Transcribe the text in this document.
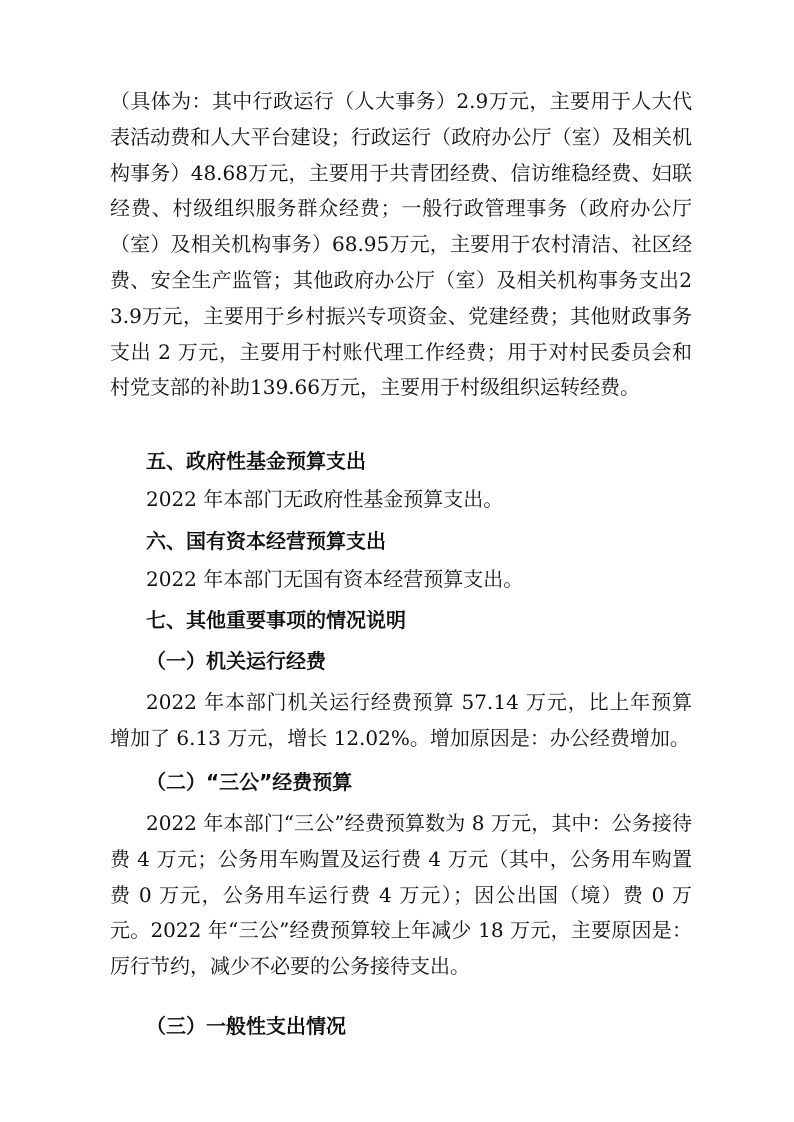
（具体为：其中行政运行（人大事务）2.9万元，主要用于人大代表活动费和人大平台建设；行政运行（政府办公厅（室）及相关机构事务）48.68万元，主要用于共青团经费、信访维稳经费、妇联经费、村级组织服务群众经费；一般行政管理事务（政府办公厅（室）及相关机构事务）68.95万元，主要用于农村清洁、社区经费、安全生产监管；其他政府办公厅（室）及相关机构事务支出23.9万元，主要用于乡村振兴专项资金、党建经费；其他财政事务支出 2 万元，主要用于村账代理工作经费；用于对村民委员会和村党支部的补助139.66万元，主要用于村级组织运转经费。

五、政府性基金预算支出

2022 年本部门无政府性基金预算支出。

六、国有资本经营预算支出

2022 年本部门无国有资本经营预算支出。

七、其他重要事项的情况说明

（一）机关运行经费

2022 年本部门机关运行经费预算 57.14 万元，比上年预算增加了 6.13 万元，增长 12.02%。增加原因是：办公经费增加。

（二）“三公”经费预算

2022 年本部门“三公”经费预算数为 8 万元，其中：公务接待费 4 万元；公务用车购置及运行费 4 万元（其中，公务用车购置费 0 万元，公务用车运行费 4 万元）；因公出国（境）费 0 万元。2022 年“三公”经费预算较上年减少 18 万元，主要原因是：厉行节约，减少不必要的公务接待支出。

（三）一般性支出情况
